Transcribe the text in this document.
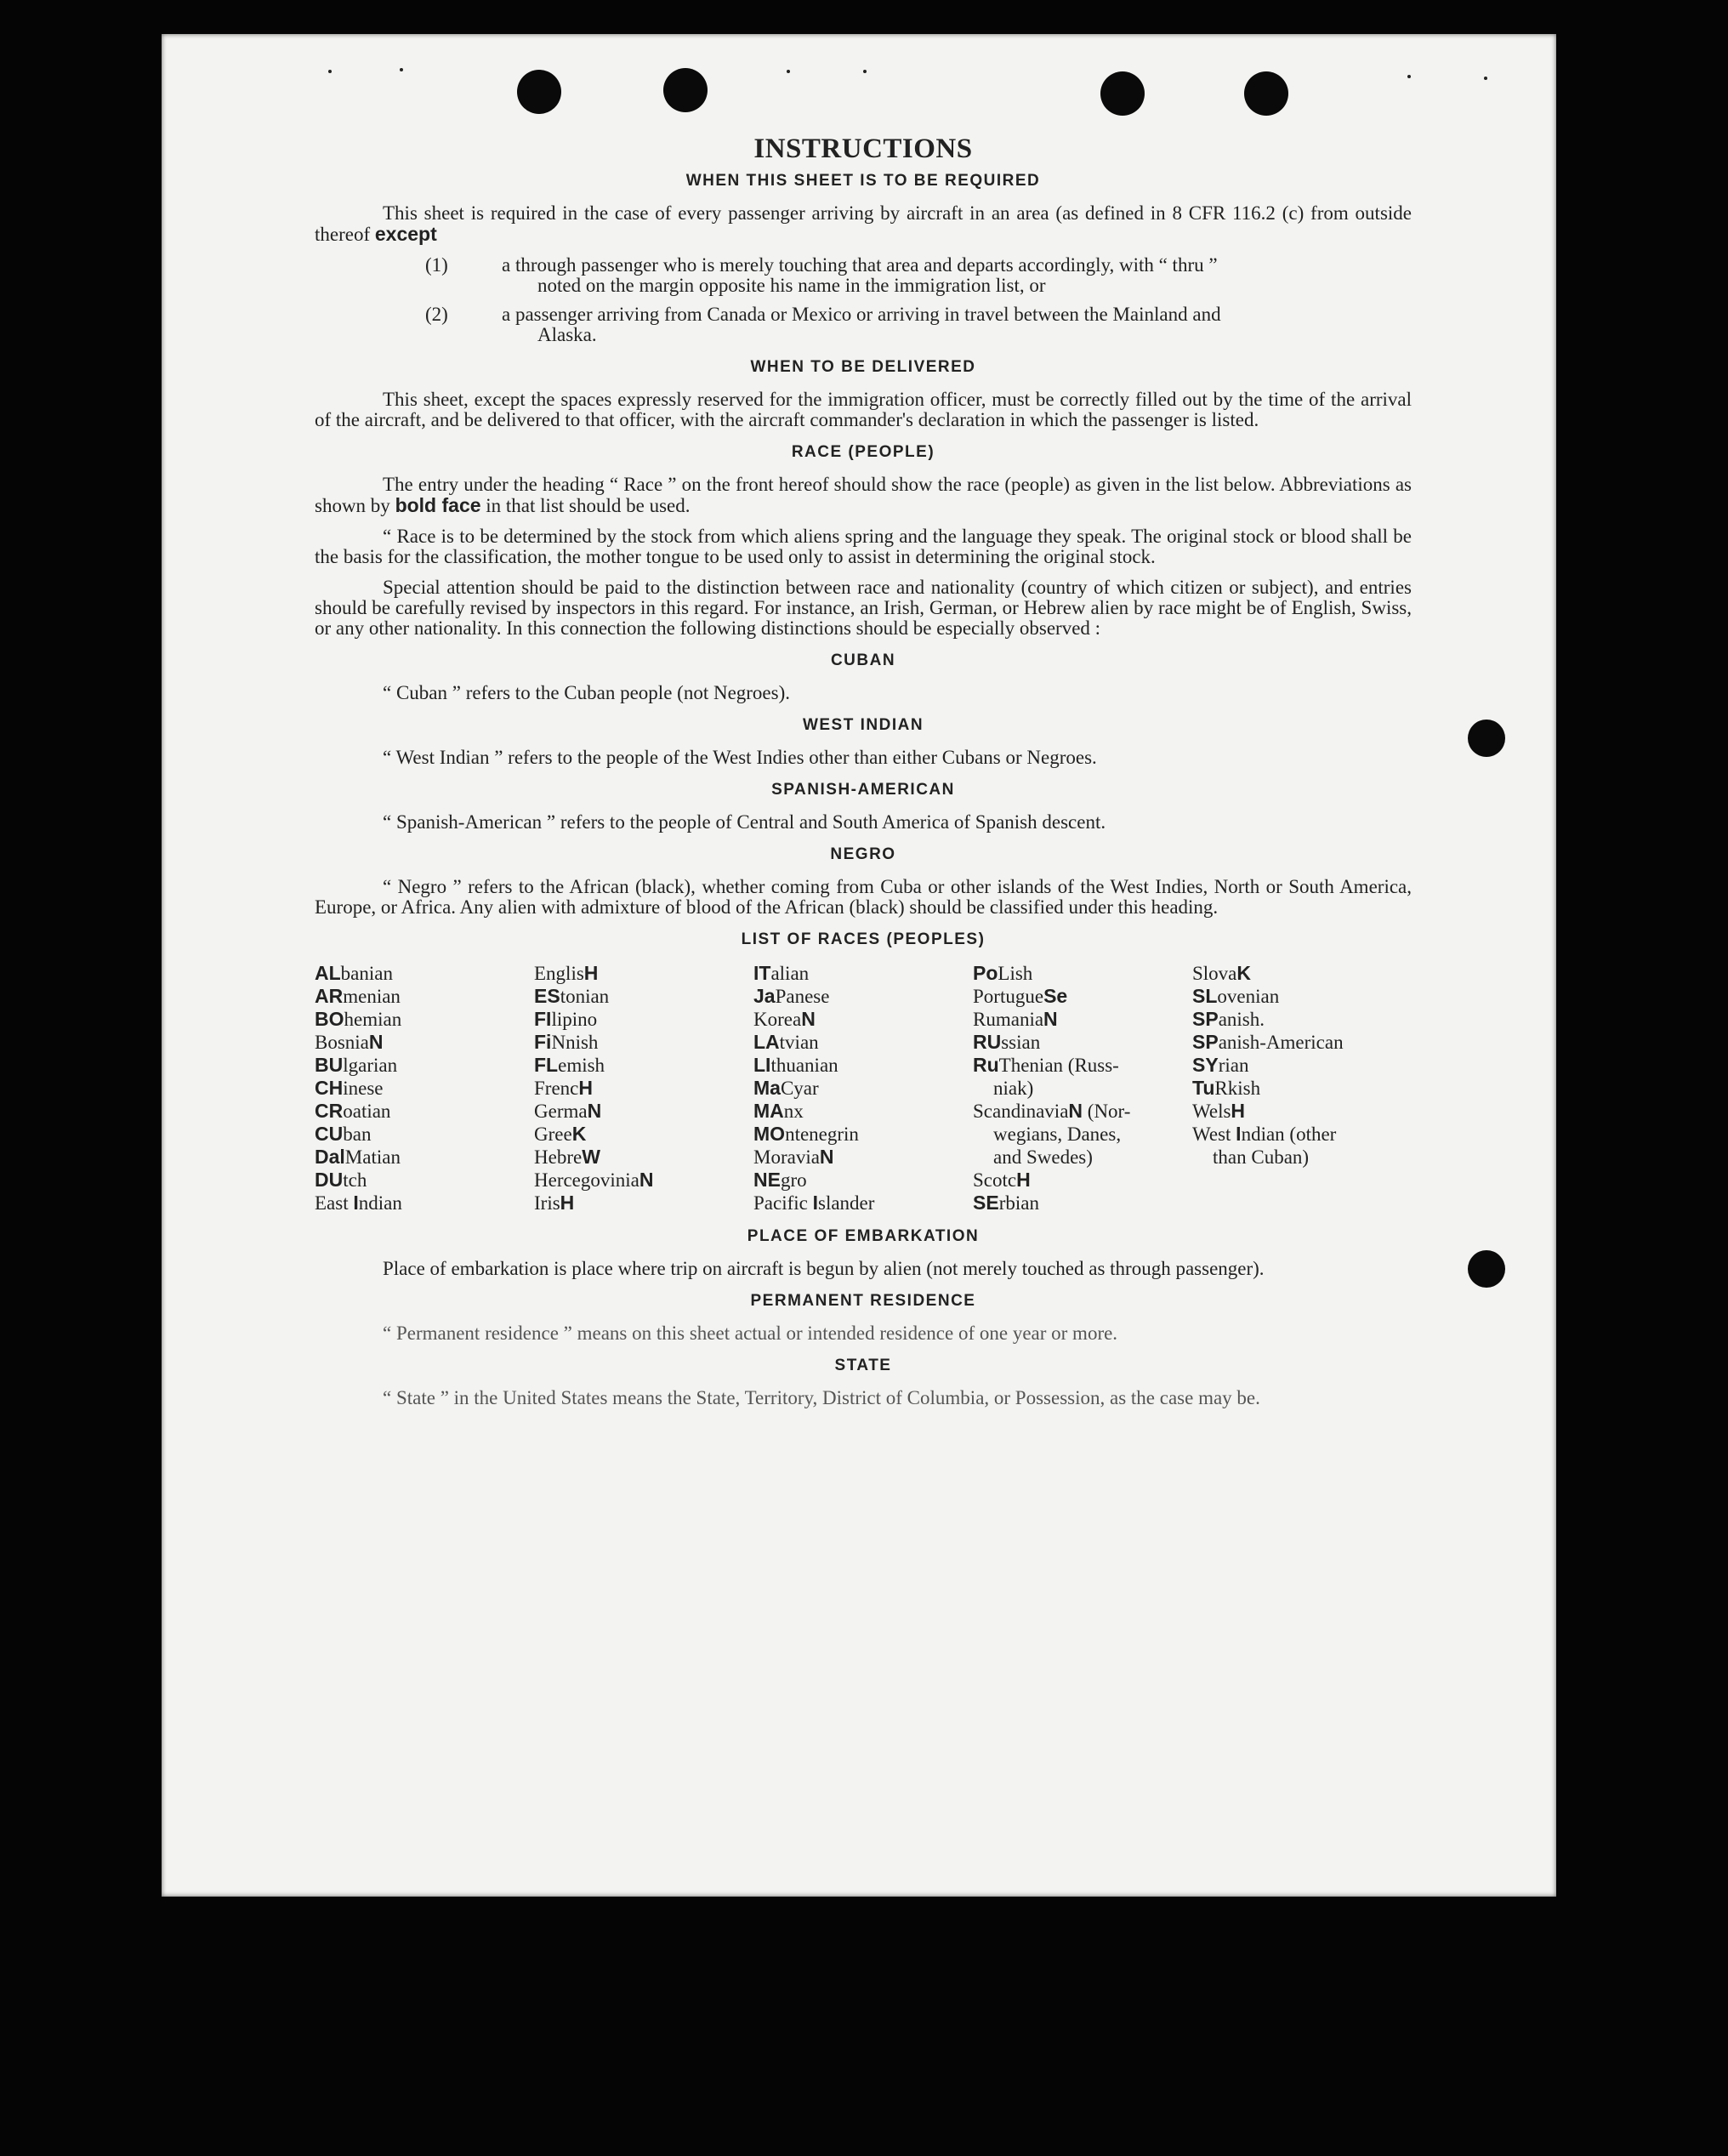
INSTRUCTIONS
WHEN THIS SHEET IS TO BE REQUIRED

This sheet is required in the case of every passenger arriving by aircraft in an area (as defined in 8 CFR 116.2 (c) from outside thereof except

(1)	a through passenger who is merely touching that area and departs accordingly, with “ thru ”
noted on the margin opposite his name in the immigration list, or
(2)	a passenger arriving from Canada or Mexico or arriving in travel between the Mainland and
Alaska.
WHEN TO BE DELIVERED

This sheet, except the spaces expressly reserved for the immigration officer, must be correctly filled out by the time of the arrival of the aircraft, and be delivered to that officer, with the aircraft commander's declaration in which the passenger is listed.

RACE (PEOPLE)

The entry under the heading “ Race ” on the front hereof should show the race (people) as given in the list below. Abbreviations as shown by bold face in that list should be used.

“ Race is to be determined by the stock from which aliens spring and the language they speak. The original stock or blood shall be the basis for the classification, the mother tongue to be used only to assist in determining the original stock.

Special attention should be paid to the distinction between race and nationality (country of which citizen or subject), and entries should be carefully revised by inspectors in this regard. For instance, an Irish, German, or Hebrew alien by race might be of English, Swiss, or any other nationality. In this connection the following distinctions should be especially observed :

CUBAN

“ Cuban ” refers to the Cuban people (not Negroes).

WEST INDIAN

“ West Indian ” refers to the people of the West Indies other than either Cubans or Negroes.

SPANISH-AMERICAN

“ Spanish-American ” refers to the people of Central and South America of Spanish descent.

NEGRO

“ Negro ” refers to the African (black), whether coming from Cuba or other islands of the West Indies, North or South America, Europe, or Africa. Any alien with admixture of blood of the African (black) should be classified under this heading.

LIST OF RACES (PEOPLES)
ALbanian
ARmenian
BOhemian
BosniaN
BUlgarian
CHinese
CRoatian
CUban
DalMatian
DUtch
East Indian
EnglisH
EStonian
FIlipino
FiNnish
FLemish
FrencH
GermaN
GreeK
HebreW
HercegoviniaN
IrisH
ITalian
JaPanese
KoreaN
LAtvian
LIthuanian
MaCyar
MAnx
MOntenegrin
MoraviaN
NEgro
Pacific Islander
PoLish
PortugueSe
RumaniaN
RUssian
RuThenian (Russ-
niak)
ScandinaviaN (Nor-
wegians, Danes,
and Swedes)
ScotcH
SErbian
SlovaK
SLovenian
SPanish.
SPanish-American
SYrian
TuRkish
WelsH
West Indian (other
than Cuban)
PLACE OF EMBARKATION

Place of embarkation is place where trip on aircraft is begun by alien (not merely touched as through passenger).

PERMANENT RESIDENCE

“ Permanent residence ” means on this sheet actual or intended residence of one year or more.

STATE

“ State ” in the United States means the State, Territory, District of Columbia, or Possession, as the case may be.
